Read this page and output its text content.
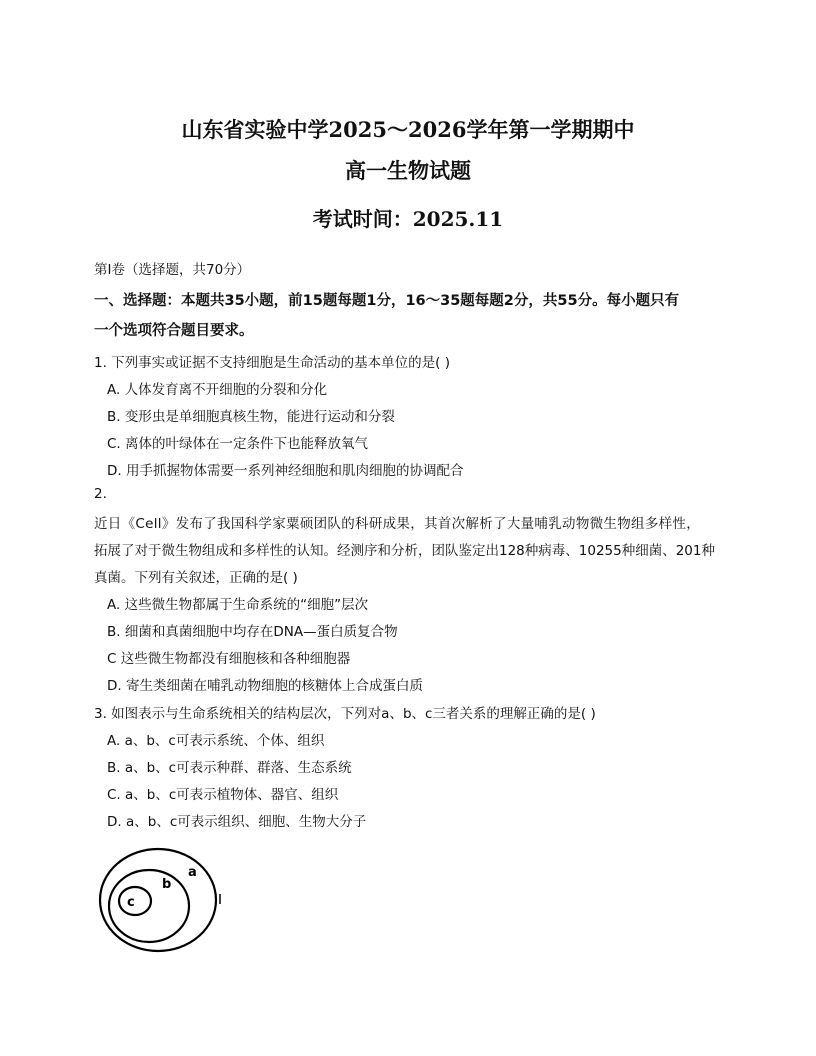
山东省实验中学2025～2026学年第一学期期中
高一生物试题
考试时间：2025.11
第Ⅰ卷（选择题，共70分）
一、选择题：本题共35小题，前15题每题1分，16～35题每题2分，共55分。每小题只有
一个选项符合题目要求。
1. 下列事实或证据不支持细胞是生命活动的基本单位的是( )
A. 人体发育离不开细胞的分裂和分化
B. 变形虫是单细胞真核生物，能进行运动和分裂
C. 离体的叶绿体在一定条件下也能释放氧气
D. 用手抓握物体需要一系列神经细胞和肌肉细胞的协调配合
2.
近日《Cell》发布了我国科学家粟硕团队的科研成果，其首次解析了大量哺乳动物微生物组多样性，
拓展了对于微生物组成和多样性的认知。经测序和分析，团队鉴定出128种病毒、10255种细菌、201种
真菌。下列有关叙述，正确的是( )
A. 这些微生物都属于生命系统的“细胞”层次
B. 细菌和真菌细胞中均存在DNA—蛋白质复合物
C 这些微生物都没有细胞核和各种细胞器
D. 寄生类细菌在哺乳动物细胞的核糖体上合成蛋白质
3. 如图表示与生命系统相关的结构层次，下列对a、b、c三者关系的理解正确的是( )
A. a、b、c可表示系统、个体、组织
B. a、b、c可表示种群、群落、生态系统
C. a、b、c可表示植物体、器官、组织
D. a、b、c可表示组织、细胞、生物大分子
a
b
c
